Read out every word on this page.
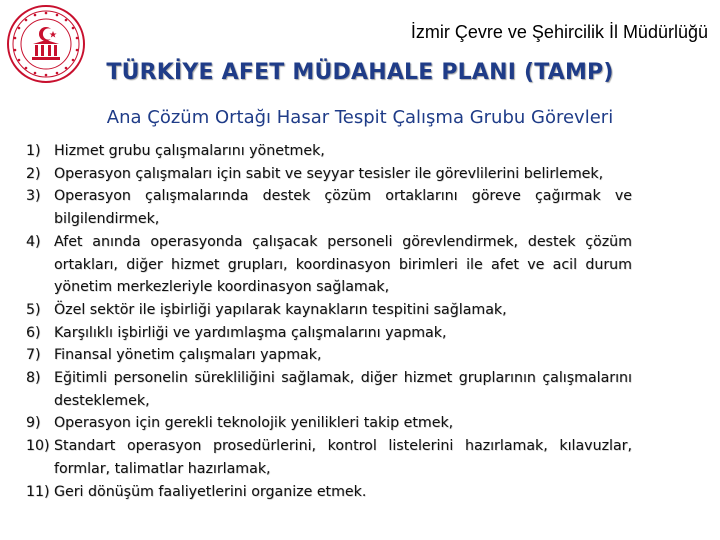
İzmir Çevre ve Şehircilik İl Müdürlüğü
TÜRKİYE AFET MÜDAHALE PLANI (TAMP)
Ana Çözüm Ortağı Hasar Tespit Çalışma Grubu Görevleri
1) Hizmet grubu çalışmalarını yönetmek,
2) Operasyon çalışmaları için sabit ve seyyar tesisler ile görevlilerini belirlemek,
3) Operasyon çalışmalarında destek çözüm ortaklarını göreve çağırmak ve bilgilendirmek,
4) Afet anında operasyonda çalışacak personeli görevlendirmek, destek çözüm ortakları, diğer hizmet grupları, koordinasyon birimleri ile afet ve acil durum yönetim merkezleriyle koordinasyon sağlamak,
5) Özel sektör ile işbirliği yapılarak kaynakların tespitini sağlamak,
6) Karşılıklı işbirliği ve yardımlaşma çalışmalarını yapmak,
7) Finansal yönetim çalışmaları yapmak,
8) Eğitimli personelin sürekliliğini sağlamak, diğer hizmet gruplarının çalışmalarını desteklemek,
9) Operasyon için gerekli teknolojik yenilikleri takip etmek,
10) Standart operasyon prosedürlerini, kontrol listelerini hazırlamak, kılavuzlar, formlar, talimatlar hazırlamak,
11) Geri dönüşüm faaliyetlerini organize etmek.
